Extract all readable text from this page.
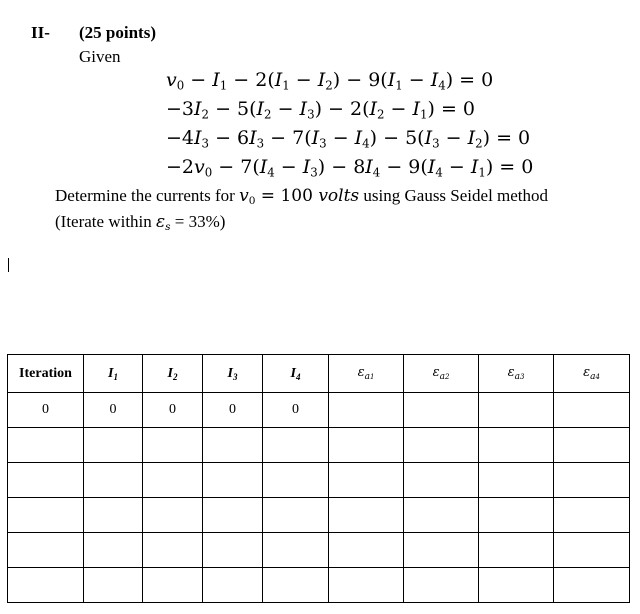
II- (25 points)
Given
$v_0 - I_1 - 2(I_1 - I_2) - 9(I_1 - I_4) = 0$
$-3I_2 - 5(I_2 - I_3) - 2(I_2 - I_1) = 0$
$-4I_3 - 6I_3 - 7(I_3 - I_4) - 5(I_3 - I_2) = 0$
$-2v_0 - 7(I_4 - I_3) - 8I_4 - 9(I_4 - I_1) = 0$
Determine the currents for $v_0 = 100$ volts using Gauss Seidel method
(Iterate within $\varepsilon_s = 33\%$)
Iteration	$I_1$	$I_2$	$I_3$	$I_4$	$\varepsilon_{a1}$	$\varepsilon_{a2}$	$\varepsilon_{a3}$	$\varepsilon_{a4}$
0	0	0	0	0				
